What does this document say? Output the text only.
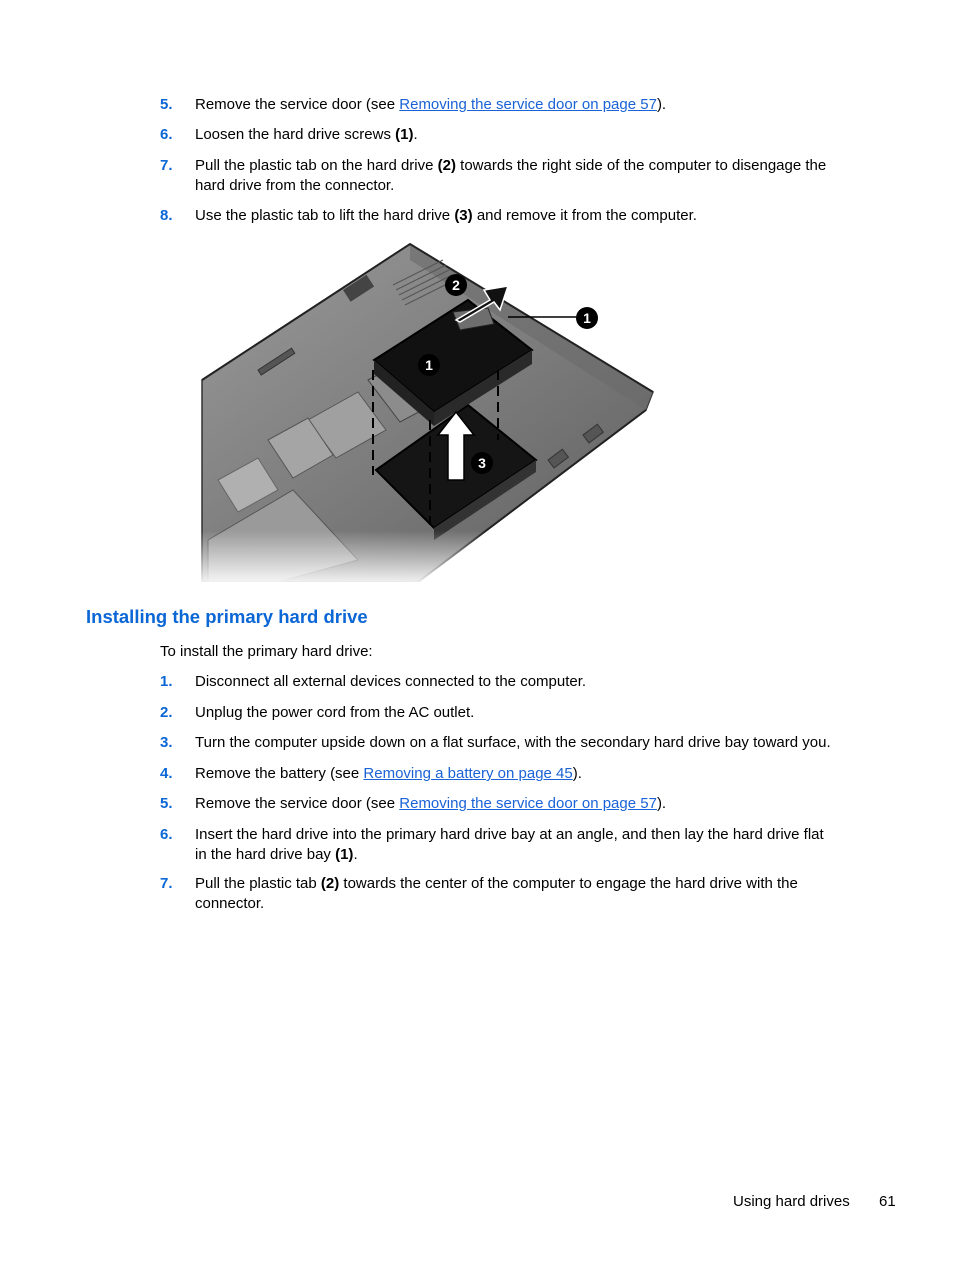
5. Remove the service door (see Removing the service door on page 57).
6. Loosen the hard drive screws (1).
7. Pull the plastic tab on the hard drive (2) towards the right side of the computer to disengage the
hard drive from the connector.
8. Use the plastic tab to lift the hard drive (3) and remove it from the computer.
Installing the primary hard drive
To install the primary hard drive:
1. Disconnect all external devices connected to the computer.
2. Unplug the power cord from the AC outlet.
3. Turn the computer upside down on a flat surface, with the secondary hard drive bay toward you.
4. Remove the battery (see Removing a battery on page 45).
5. Remove the service door (see Removing the service door on page 57).
6. Insert the hard drive into the primary hard drive bay at an angle, and then lay the hard drive flat
in the hard drive bay (1).
7. Pull the plastic tab (2) towards the center of the computer to engage the hard drive with the
connector.
Using hard drives 61
